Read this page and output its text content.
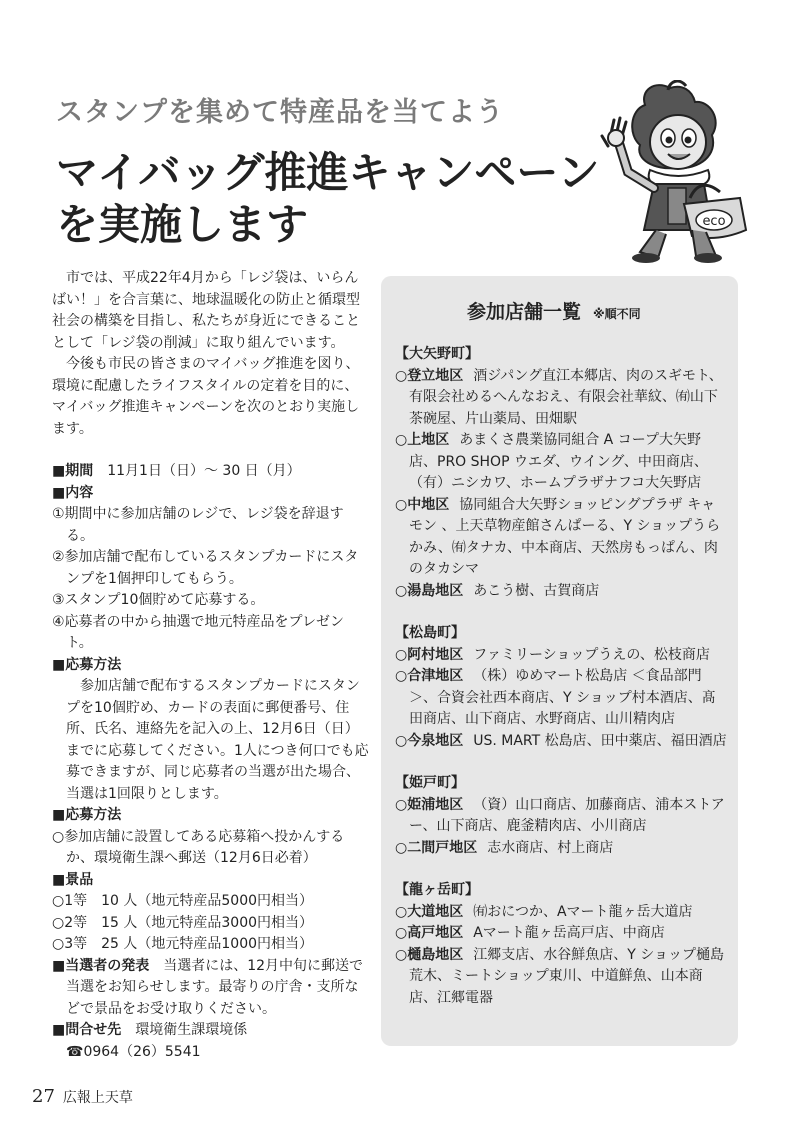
スタンプを集めて特産品を当てよう
マイバッグ推進キャンペーン
を実施します	eco

市では、平成22年4月から「レジ袋は、いらんばい！」を合言葉に、地球温暖化の防止と循環型社会の構築を目指し、私たちが身近にできることとして「レジ袋の削減」に取り組んでいます。

今後も市民の皆さまのマイバッグ推進を図り、環境に配慮したライフスタイルの定着を目的に、マイバッグ推進キャンペーンを次のとおり実施します。

■期間 11月1日（日）～ 30 日（月）
■内容
①期間中に参加店舗のレジで、レジ袋を辞退する。
②参加店舗で配布しているスタンプカードにスタンプを1個押印してもらう。
③スタンプ10個貯めて応募する。
④応募者の中から抽選で地元特産品をプレゼント。
■応募方法
参加店舗で配布するスタンプカードにスタンプを10個貯め、カードの表面に郵便番号、住所、氏名、連絡先を記入の上、12月6日（日）までに応募してください。1人につき何口でも応募できますが、同じ応募者の当選が出た場合、当選は1回限りとします。
■応募方法
○参加店舗に設置してある応募箱へ投かんするか、環境衛生課へ郵送（12月6日必着）
■景品
○1等　10 人（地元特産品5000円相当）
○2等　15 人（地元特産品3000円相当）
○3等　25 人（地元特産品1000円相当）
■当選者の発表　 当選者には、12月中旬に郵送で当選をお知らせします。最寄りの庁舎・支所などで景品をお受け取りください。
■問合せ先　 環境衛生課環境係
☎0964（26）5541
参加店舗一覧 ※順不同
【大矢野町】
○登立地区 酒ジパング直江本郷店、肉のスギモト、有限会社めるへんなおえ、有限会社華紋、㈲山下茶碗屋、片山薬局、田畑駅
○上地区 あまくさ農業協同組合 A コープ大矢野店、PRO SHOP ウエダ、ウイング、中田商店、（有）ニシカワ、ホームプラザナフコ大矢野店
○中地区 協同組合大矢野ショッピングプラザ キャモン 、上天草物産館さんぱーる、Y ショップうらかみ、㈲タナカ、中本商店、天然房もっぱん、肉のタカシマ
○湯島地区 あこう樹、古賀商店
【松島町】
○阿村地区 ファミリーショップうえの、松枝商店
○合津地区 （株）ゆめマート松島店 ＜食品部門＞、合資会社西本商店、Y ショップ村本酒店、髙田商店、山下商店、水野商店、山川精肉店
○今泉地区 US. MART 松島店、田中薬店、福田酒店
【姫戸町】
○姫浦地区 （資）山口商店、加藤商店、浦本ストアー、山下商店、鹿釜精肉店、小川商店
○二間戸地区 志水商店、村上商店
【龍ヶ岳町】
○大道地区 ㈲おにつか、Aマート龍ヶ岳大道店
○高戸地区 Aマート龍ヶ岳高戸店、中商店
○樋島地区 江郷支店、水谷鮮魚店、Y ショップ樋島荒木、ミートショップ東川、中道鮮魚、山本商店、江郷電器
27 広報上天草
